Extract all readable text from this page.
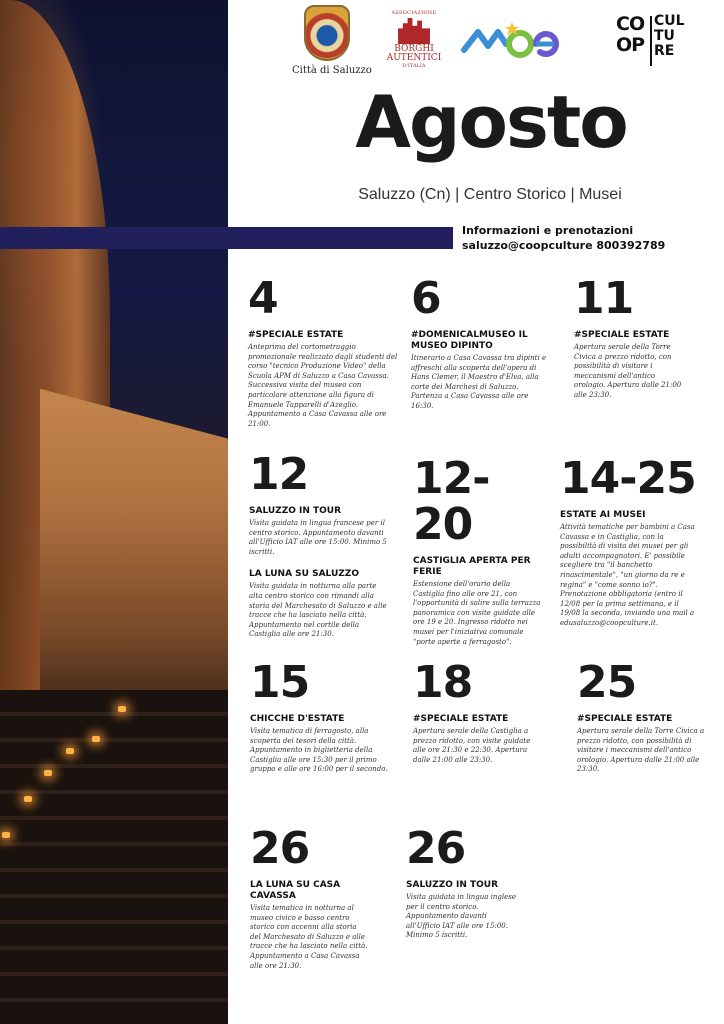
Città di Saluzzo
ASSOCIAZIONE
BORGHI
AUTENTICI
D'ITALIA
CO
OP
CUL
TU
RE
Agosto
Saluzzo (Cn) | Centro Storico | Musei
Informazioni e prenotazioni
saluzzo@coopculture 800392789
4
#SPECIALE ESTATE
Anteprima del cortometraggio promozionale realizzato dagli studenti del corso "tecnico Produzione Video" della Scuola APM di Saluzzo a Casa Cavassa. Successiva visita del museo con particolare attenzione alla figura di Emanuele Tapparelli d'Azeglio. Appuntamento a Casa Cavassa alle ore 21:00.
6
#DOMENICALMUSEO IL MUSEO DIPINTO
Itinerario a Casa Cavassa tra dipinti e affreschi alla scoperta dell'opera di Hans Clemer, il Maestro d'Elva, alla corte dei Marchesi di Saluzzo. Partenza a Casa Cavassa alle ore 16:30.
11
#SPECIALE ESTATE
Apertura serale della Torre Civica a prezzo ridotto, con possibilità di visitare i meccanismi dell'antico orologio. Apertura dalle 21:00 alle 23:30.
12
SALUZZO IN TOUR
Visita guidata in lingua francese per il centro storico. Appuntamento davanti all'Ufficio IAT alle ore 15:00. Minimo 5 iscritti.
LA LUNA SU SALUZZO
Visita guidata in notturna alla parte alta centro storico con rimandi alla storia del Marchesato di Saluzzo e alle tracce che ha lasciato nella città. Appuntamento nel cortile della Castiglia alle ore 21:30.
12-20
CASTIGLIA APERTA PER FERIE
Estensione dell'orario della Castiglia fino alle ore 21, con l'opportunità di salire sulla terrazza panoramica con visite guidate alle ore 19 e 20. Ingresso ridotto nei musei per l'iniziativa comunale "porte aperte a ferragosto".
14-25
ESTATE AI MUSEI
Attività tematiche per bambini a Casa Cavassa e in Castiglia, con la possibilità di visita dei musei per gli adulti accompagnatori. E' possibile scegliere tra "il banchetto rinascimentale", "un giorno da re e regina" e "come sonno io?". Prenotazione obbligatoria (entro il 12/08 per la prima settimana, e il 19/08 la seconda, inviando una mail a edusaluzzo@coopculture.it.
15
CHICCHE D'ESTATE
Visita tematica di ferragosto, alla scoperta dei tesori della città. Appuntamento in biglietteria della Castiglia alle ore 15:30 per il primo gruppo e alle ore 16:00 per il secondo.
18
#SPECIALE ESTATE
Apertura serale della Castiglia a prezzo ridotto, con visite guidate alle ore 21:30 e 22:30. Apertura dalle 21:00 alle 23:30.
25
#SPECIALE ESTATE
Apertura serale della Torre Civica a prezzo ridotto, con possibilità di visitare i meccanismi dell'antico orologio. Apertura dalle 21:00 alle 23:30.
26
LA LUNA SU CASA CAVASSA
Visita tematica in notturna al museo civico e basso centro storico con accenni alla storia del Marchesato di Saluzzo e alle tracce che ha lasciato nella città. Appuntamento a Casa Cavassa alle ore 21:30.
26
SALUZZO IN TOUR
Visita guidata in lingua inglese per il centro storico. Appuntamento davanti all'Ufficio IAT alle ore 15:00. Minimo 5 iscritti.
